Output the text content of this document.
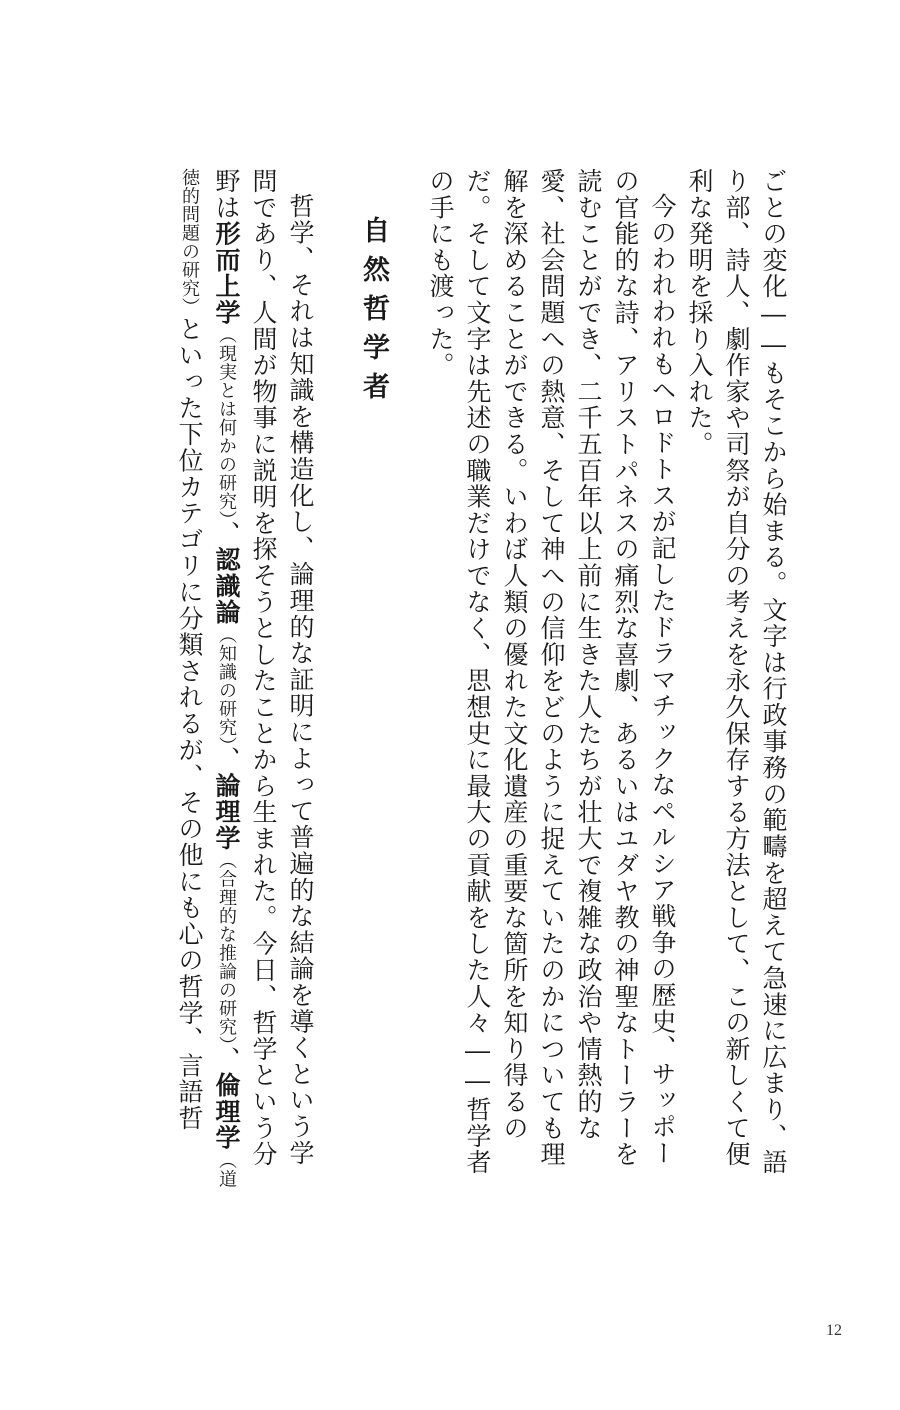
ごとの変化――もそこから始まる。文字は行政事務の範疇を超えて急速に広まり、語り部、詩人、劇作家や司祭が自分の考えを永久保存する方法として、この新しくて便利な発明を採り入れた。

今のわれわれもヘロドトスが記したドラマチックなペルシア戦争の歴史、サッポーの官能的な詩、アリストパネスの痛烈な喜劇、あるいはユダヤ教の神聖なトーラーを読むことができ、二千五百年以上前に生きた人たちが壮大で複雑な政治や情熱的な愛、社会問題への熱意、そして神への信仰をどのように捉えていたのかについても理解を深めることができる。いわば人類の優れた文化遺産の重要な箇所を知り得るのだ。そして文字は先述の職業だけでなく、思想史に最大の貢献をした人々――哲学者の手にも渡った。

自然哲学者

哲学、それは知識を構造化し、論理的な証明によって普遍的な結論を導くという学問であり、人間が物事に説明を探そうとしたことから生まれた。今日、哲学という分野は形而上学（現実とは何かの研究）、認識論（知識の研究）、論理学（合理的な推論の研究）、倫理学（道徳的問題の研究）といった下位カテゴリに分類されるが、その他にも心の哲学、言語哲

12
